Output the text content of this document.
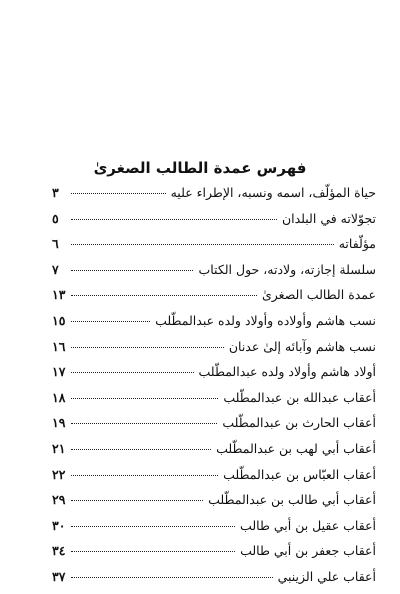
فهرس عمدة الطالب الصغرىٰ
حياة المؤلّف، اسمه ونسبه، الإطراء عليه
٣
تجوّلاته في البلدان
٥
مؤلّفاته
٦
سلسلة إجازته، ولادته، حول الكتاب
٧
عمدة الطالب الصغرىٰ
١٣
نسب هاشم وأولاده وأولاد ولده عبدالمطّلب
١٥
نسب هاشم وآبائه إلىٰ عدنان
١٦
أولاد هاشم وأولاد ولده عبدالمطّلب
١٧
أعقاب عبدالله بن عبدالمطّلب
١٨
أعقاب الحارث بن عبدالمطّلب
١٩
أعقاب أبي لهب بن عبدالمطّلب
٢١
أعقاب العبّاس بن عبدالمطّلب
٢٢
أعقاب أبي طالب بن عبدالمطّلب
٢٩
أعقاب عقيل بن أبي طالب
٣٠
أعقاب جعفر بن أبي طالب
٣٤
أعقاب علي الزينبي
٣٧
